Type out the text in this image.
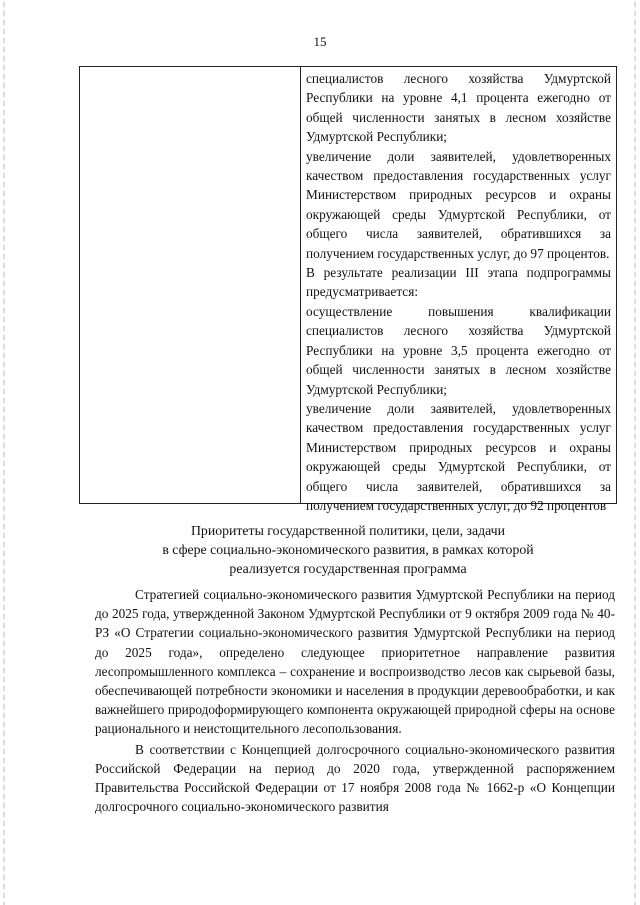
15

специалистов лесного хозяйства Удмуртской Республики на уровне 4,1 процента ежегодно от общей численности занятых в лесном хозяйстве Удмуртской Республики;

увеличение доли заявителей, удовлетворенных качеством предоставления государственных услуг Министерством природных ресурсов и охраны окружающей среды Удмуртской Республики, от общего числа заявителей, обратившихся за получением государственных услуг, до 97 процентов.

В результате реализации III этапа подпрограммы предусматривается:

осуществление повышения квалификации специалистов лесного хозяйства Удмуртской Республики на уровне 3,5 процента ежегодно от общей численности занятых в лесном хозяйстве Удмуртской Республики;

увеличение доли заявителей, удовлетворенных качеством предоставления государственных услуг Министерством природных ресурсов и охраны окружающей среды Удмуртской Республики, от общего числа заявителей, обратившихся за получением государственных услуг, до 92 процентов

Приоритеты государственной политики, цели, задачи
в сфере социально-экономического развития, в рамках которой
реализуется государственная программа

Стратегией социально-экономического развития Удмуртской Республики на период до 2025 года, утвержденной Законом Удмуртской Республики от 9 октября 2009 года № 40-РЗ «О Стратегии социально-экономического развития Удмуртской Республики на период до 2025 года», определено следующее приоритетное направление развития лесопромышленного комплекса – сохранение и воспроизводство лесов как сырьевой базы, обеспечивающей потребности экономики и населения в продукции деревообработки, и как важнейшего природоформирующего компонента окружающей природной сферы на основе рационального и неистощительного лесопользования.

В соответствии с Концепцией долгосрочного социально-экономического развития Российской Федерации на период до 2020 года, утвержденной распоряжением Правительства Российской Федерации от 17 ноября 2008 года № 1662-р «О Концепции долгосрочного социально-экономического развития
